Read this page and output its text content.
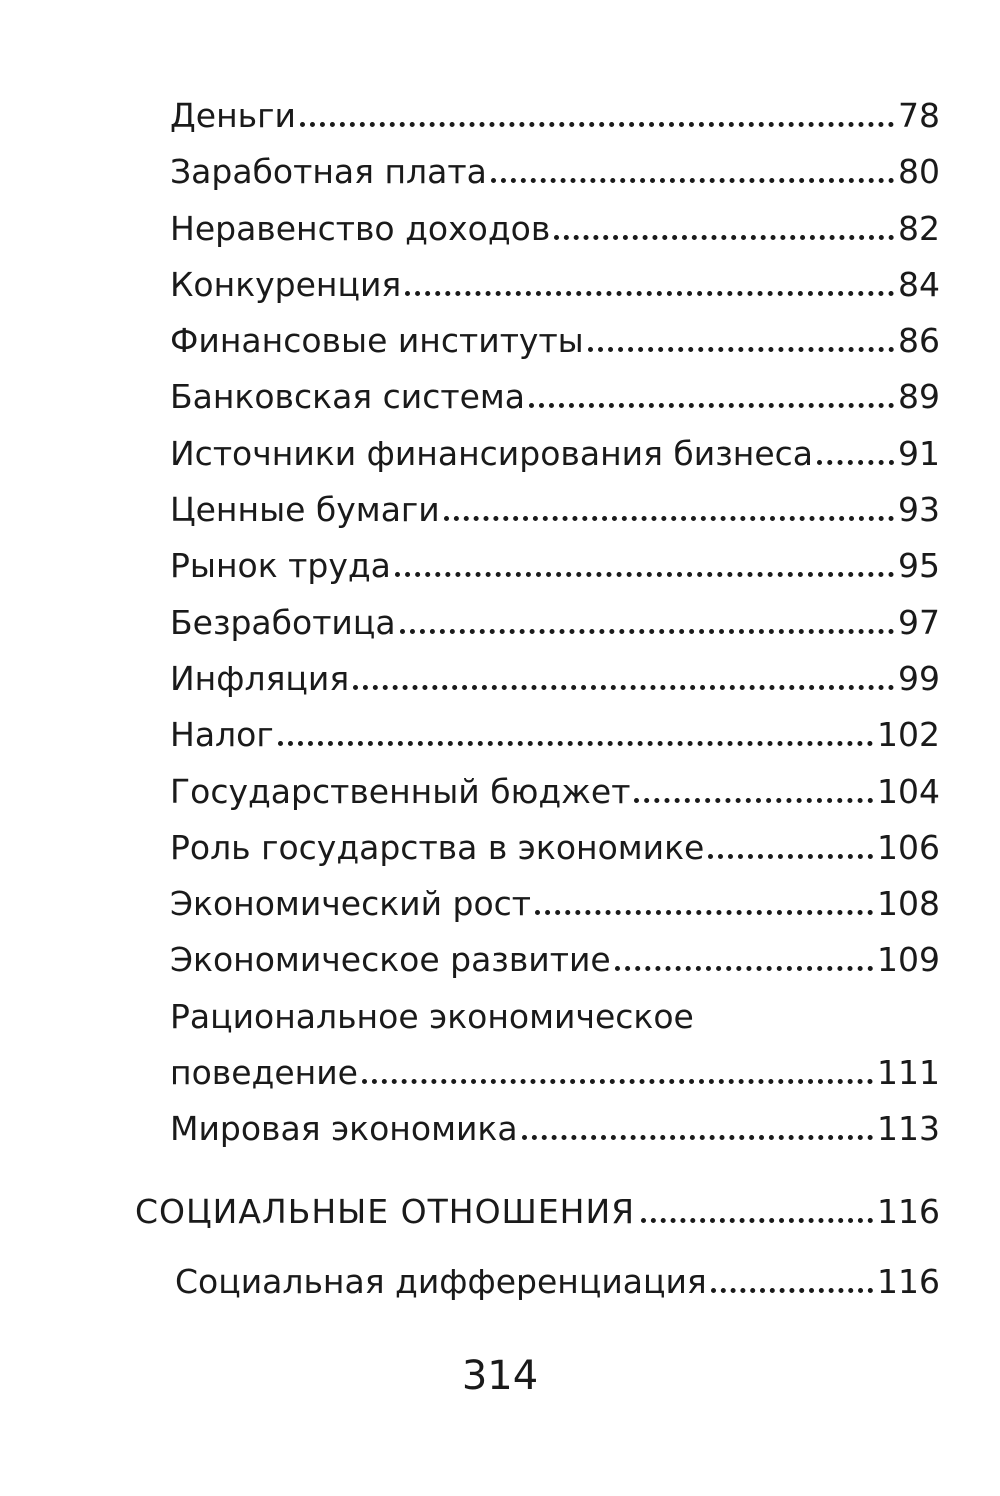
Деньги	78
Заработная плата	80
Неравенство доходов	82
Конкуренция	84
Финансовые институты	86
Банковская система	89
Источники финансирования бизнеса	91
Ценные бумаги	93
Рынок труда	95
Безработица	97
Инфляция	99
Налог	102
Государственный бюджет	104
Роль государства в экономике	106
Экономический рост	108
Экономическое развитие	109
Рациональное экономическое
поведение	111
Мировая экономика	113
СОЦИАЛЬНЫЕ ОТНОШЕНИЯ	116
Социальная дифференциация	116
314
